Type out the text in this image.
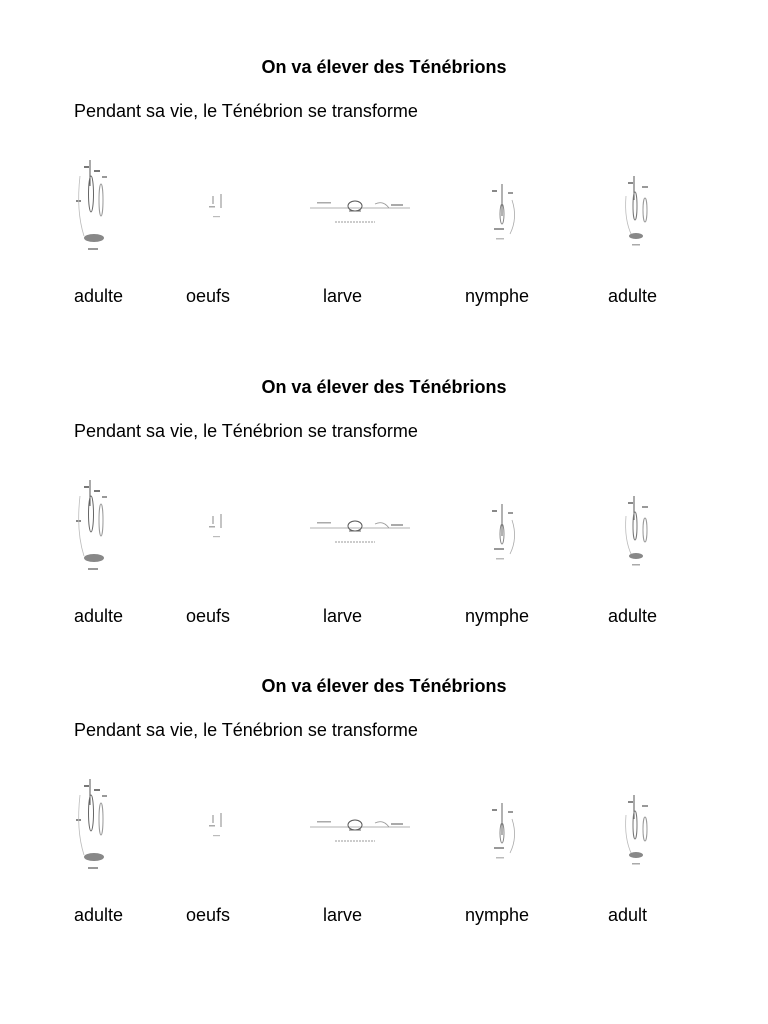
On va élever des Ténébrions
Pendant sa vie, le Ténébrion se transforme
adulte	oeufs	larve	nymphe	adulte
On va élever des Ténébrions
Pendant sa vie, le Ténébrion se transforme
adulte	oeufs	larve	nymphe	adulte
On va élever des Ténébrions
Pendant sa vie, le Ténébrion se transforme
adulte	oeufs	larve	nymphe	adult
